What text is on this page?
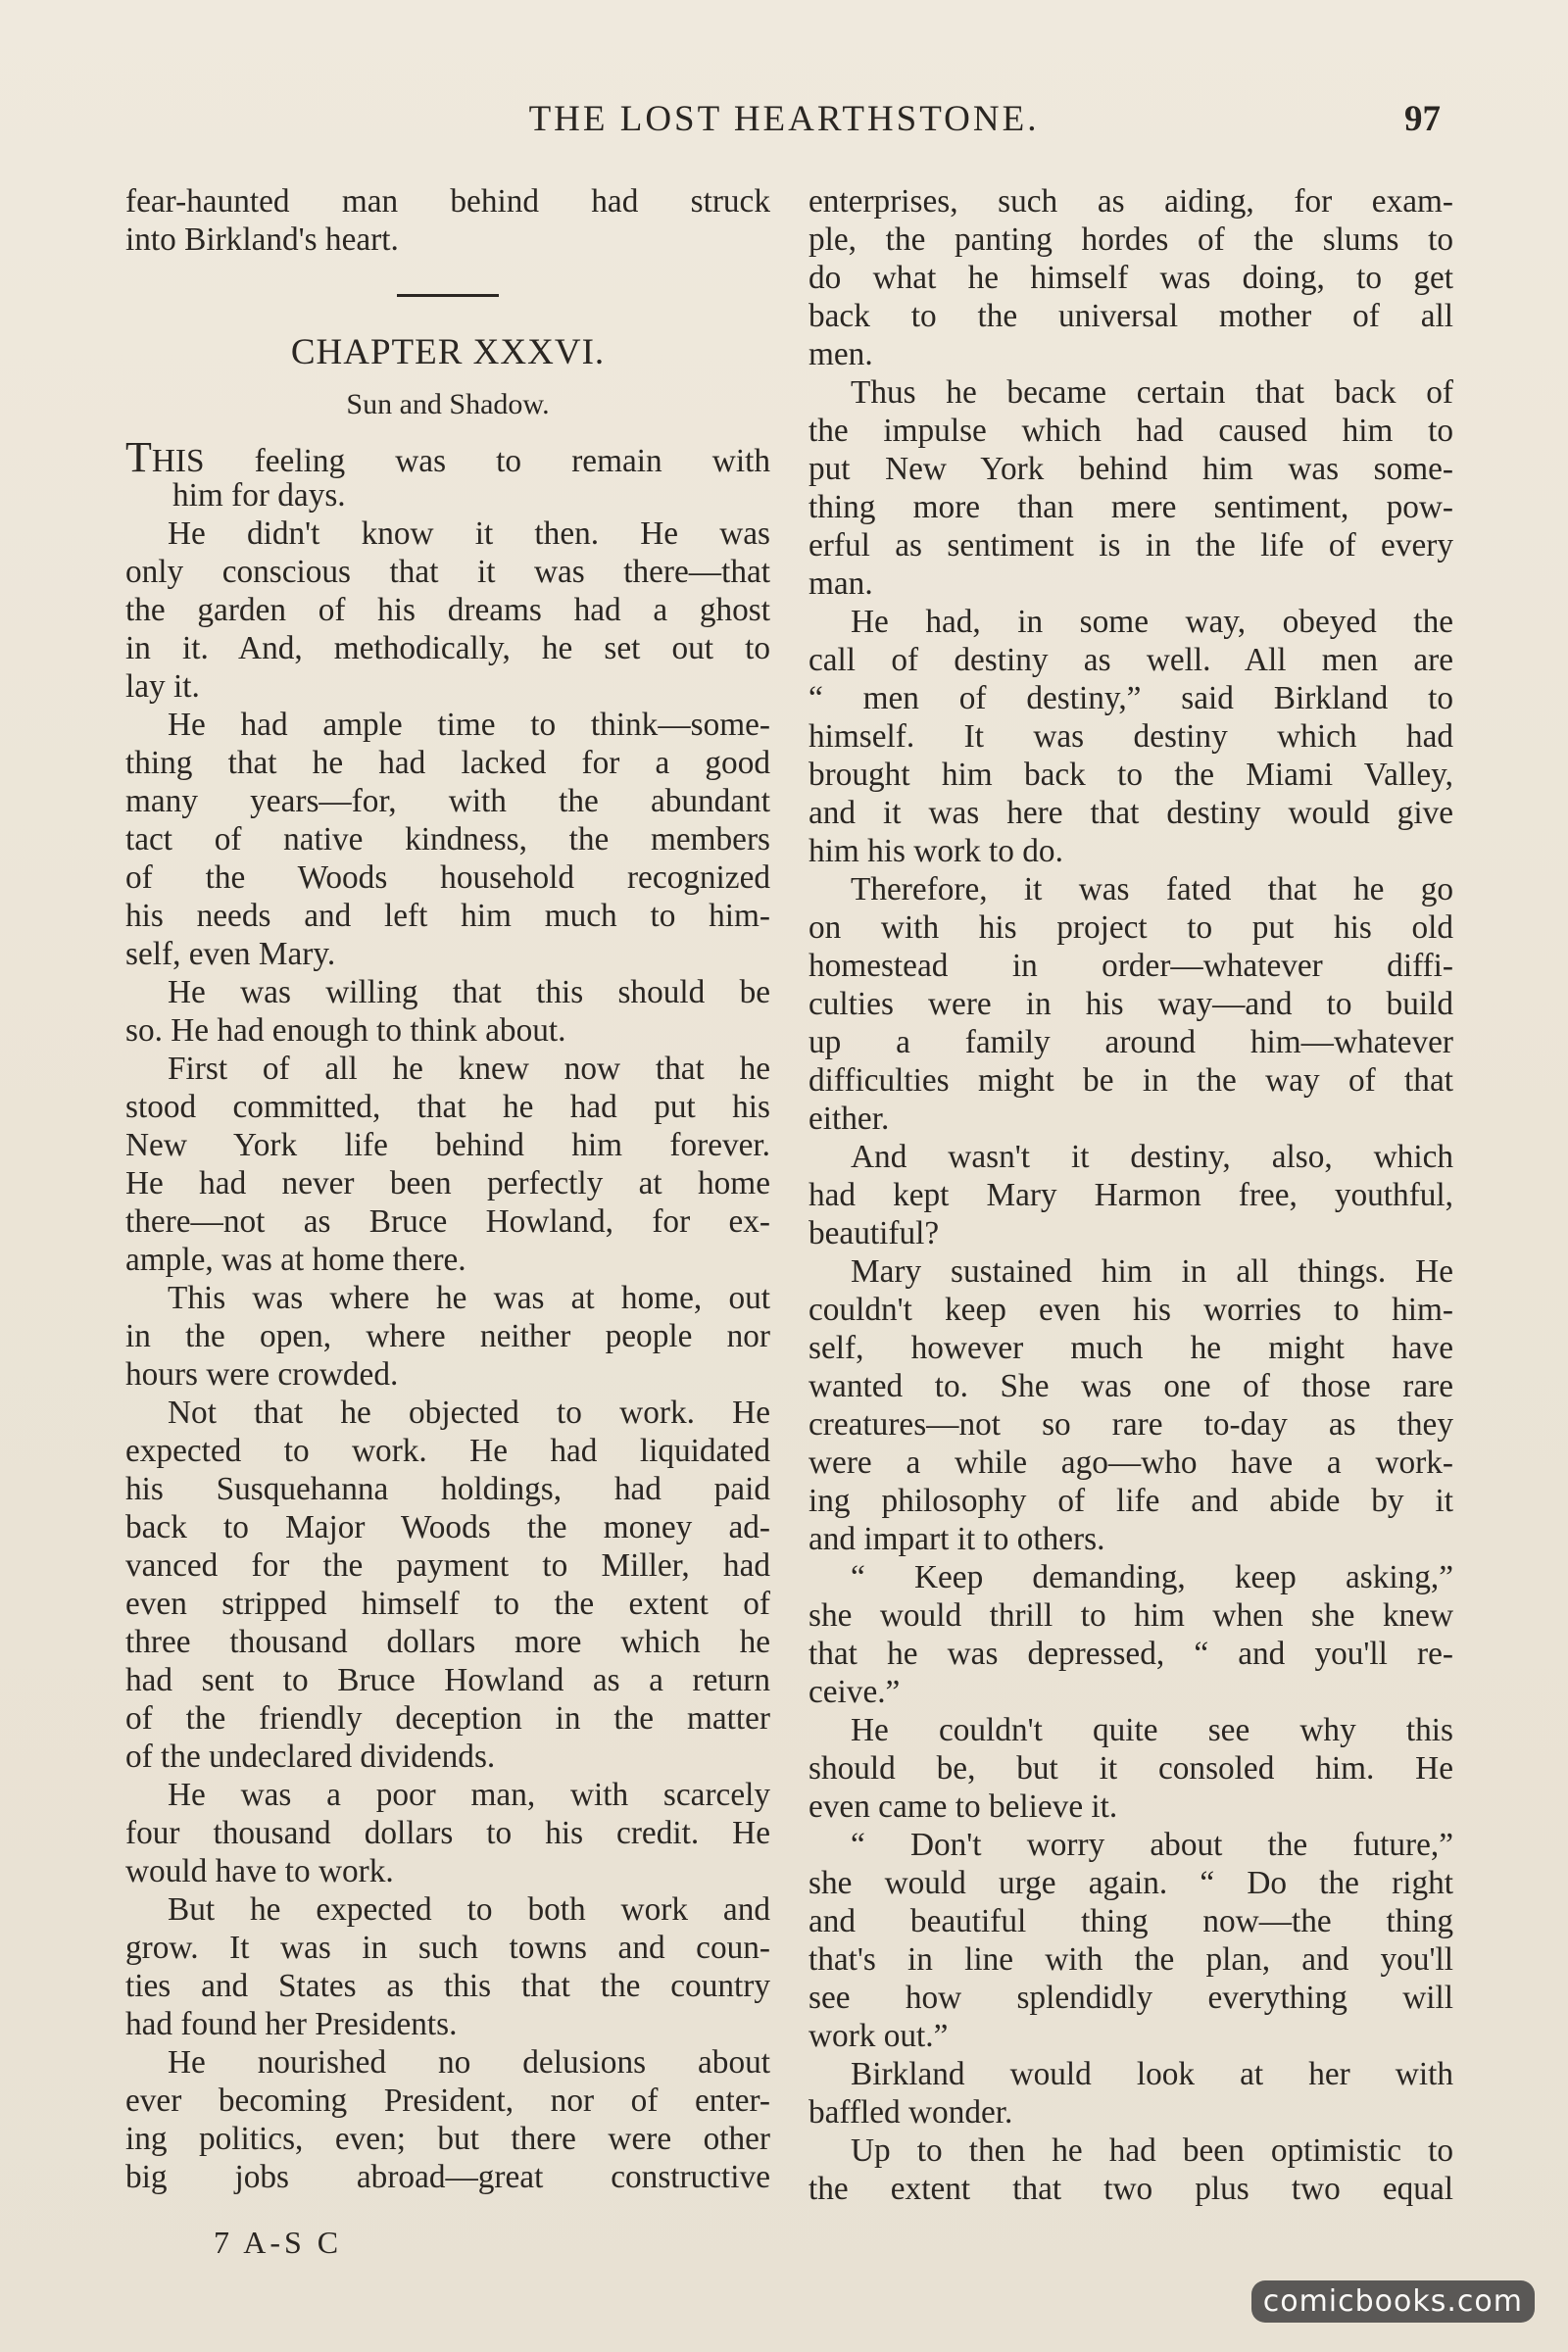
THE LOST HEARTHSTONE.	97
fear-haunted man behind had struck
into Birkland's heart.
CHAPTER XXXVI.
Sun and Shadow.
THIS feeling was to remain with
him for days.
He didn't know it then. He was
only conscious that it was there—that
the garden of his dreams had a ghost
in it. And, methodically, he set out to
lay it.
He had ample time to think—some-
thing that he had lacked for a good
many years—for, with the abundant
tact of native kindness, the members
of the Woods household recognized
his needs and left him much to him-
self, even Mary.
He was willing that this should be
so. He had enough to think about.
First of all he knew now that he
stood committed, that he had put his
New York life behind him forever.
He had never been perfectly at home
there—not as Bruce Howland, for ex-
ample, was at home there.
This was where he was at home, out
in the open, where neither people nor
hours were crowded.
Not that he objected to work. He
expected to work. He had liquidated
his Susquehanna holdings, had paid
back to Major Woods the money ad-
vanced for the payment to Miller, had
even stripped himself to the extent of
three thousand dollars more which he
had sent to Bruce Howland as a return
of the friendly deception in the matter
of the undeclared dividends.
He was a poor man, with scarcely
four thousand dollars to his credit. He
would have to work.
But he expected to both work and
grow. It was in such towns and coun-
ties and States as this that the country
had found her Presidents.
He nourished no delusions about
ever becoming President, nor of enter-
ing politics, even; but there were other
big jobs abroad—great constructive
enterprises, such as aiding, for exam-
ple, the panting hordes of the slums to
do what he himself was doing, to get
back to the universal mother of all
men.
Thus he became certain that back of
the impulse which had caused him to
put New York behind him was some-
thing more than mere sentiment, pow-
erful as sentiment is in the life of every
man.
He had, in some way, obeyed the
call of destiny as well. All men are
“ men of destiny,” said Birkland to
himself. It was destiny which had
brought him back to the Miami Valley,
and it was here that destiny would give
him his work to do.
Therefore, it was fated that he go
on with his project to put his old
homestead in order—whatever diffi-
culties were in his way—and to build
up a family around him—whatever
difficulties might be in the way of that
either.
And wasn't it destiny, also, which
had kept Mary Harmon free, youthful,
beautiful?
Mary sustained him in all things. He
couldn't keep even his worries to him-
self, however much he might have
wanted to. She was one of those rare
creatures—not so rare to-day as they
were a while ago—who have a work-
ing philosophy of life and abide by it
and impart it to others.
“ Keep demanding, keep asking,”
she would thrill to him when she knew
that he was depressed, “ and you'll re-
ceive.”
He couldn't quite see why this
should be, but it consoled him. He
even came to believe it.
“ Don't worry about the future,”
she would urge again. “ Do the right
and beautiful thing now—the thing
that's in line with the plan, and you'll
see how splendidly everything will
work out.”
Birkland would look at her with
baffled wonder.
Up to then he had been optimistic to
the extent that two plus two equal
7 A-S C
comicbooks.com
